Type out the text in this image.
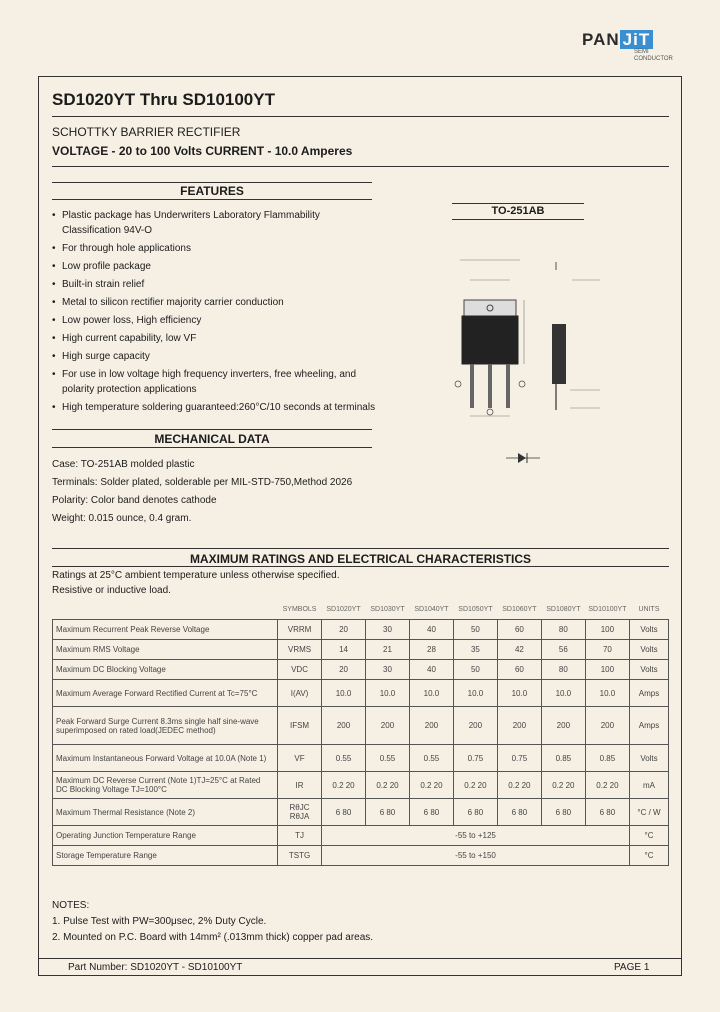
PAN JiT
SEMI
CONDUCTOR
SD1020YT Thru SD10100YT
SCHOTTKY BARRIER RECTIFIER
VOLTAGE - 20 to 100 Volts CURRENT - 10.0 Amperes
FEATURES
• Plastic package has Underwriters Laboratory Flammability Classification 94V-O
• For through hole applications
• Low profile package
• Built-in strain relief
• Metal to silicon rectifier majority carrier conduction
• Low power loss, High efficiency
• High current capability, low VF
• High surge capacity
• For use in low voltage high frequency inverters, free wheeling, and polarity protection applications
• High temperature soldering guaranteed:260°C/10 seconds at terminals
TO-251AB
MECHANICAL DATA
Case: TO-251AB molded plastic
Terminals: Solder plated, solderable per MIL-STD-750,Method 2026
Polarity: Color band denotes cathode
Weight: 0.015 ounce, 0.4 gram.
MAXIMUM RATINGS AND ELECTRICAL CHARACTERISTICS
Ratings at 25°C ambient temperature unless otherwise specified.
Resistive or inductive load.
	SYMBOLS	SD1020YT	SD1030YT	SD1040YT	SD1050YT	SD1060YT	SD1080YT	SD10100YT	UNITS
Maximum Recurrent Peak Reverse Voltage	VRRM	20	30	40	50	60	80	100	Volts
Maximum RMS Voltage	VRMS	14	21	28	35	42	56	70	Volts
Maximum DC Blocking Voltage	VDC	20	30	40	50	60	80	100	Volts
Maximum Average Forward Rectified Current at Tc=75°C	I(AV)	10.0	10.0	10.0	10.0	10.0	10.0	10.0	Amps
Peak Forward Surge Current 8.3ms single half sine-wave superimposed on rated load(JEDEC method)	IFSM	200	200	200	200	200	200	200	Amps
Maximum Instantaneous Forward Voltage at 10.0A (Note 1)	VF	0.55	0.55	0.55	0.75	0.75	0.85	0.85	Volts
Maximum DC Reverse Current (Note 1)TJ=25°C at Rated DC Blocking Voltage TJ=100°C	IR	0.2 20	0.2 20	0.2 20	0.2 20	0.2 20	0.2 20	0.2 20	mA
Maximum Thermal Resistance (Note 2)	RθJC RθJA	6 80	6 80	6 80	6 80	6 80	6 80	6 80	°C / W
Operating Junction Temperature Range	TJ	-55 to +125							°C
Storage Temperature Range	TSTG	-55 to +150							°C
NOTES:
1. Pulse Test with PW=300μsec, 2% Duty Cycle.
2. Mounted on P.C. Board with 14mm² (.013mm thick) copper pad areas.
Part Number: SD1020YT - SD10100YT	PAGE 1
